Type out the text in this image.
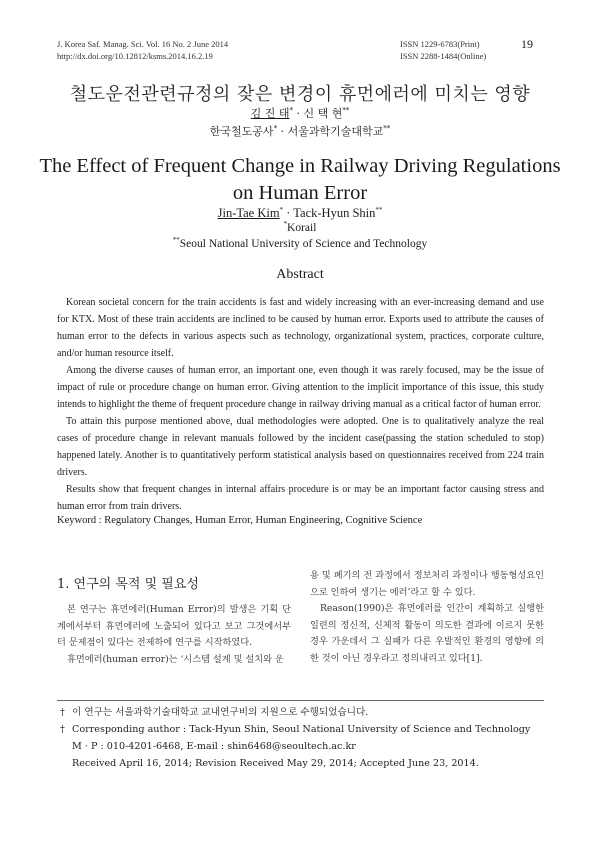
J. Korea Saf. Manag. Sci. Vol. 16 No. 2 June 2014
http://dx.doi.org/10.12812/ksms.2014.16.2.19
ISSN 1229-6783(Print)
ISSN 2288-1484(Online)
19
철도운전관련규정의 잦은 변경이 휴먼에러에 미치는 영향
김 진 태* · 신 택 현**
한국철도공사* · 서울과학기술대학교**
The Effect of Frequent Change in Railway Driving Regulations
on Human Error
Jin-Tae Kim* · Tack-Hyun Shin**
*Korail
**Seoul National University of Science and Technology
Abstract

Korean societal concern for the train accidents is fast and widely increasing with an ever-increasing demand and use for KTX. Most of these train accidents are inclined to be caused by human error. Exports used to attribute the causes of human error to the defects in various aspects such as technology, organizational system, practices, corporate culture, and/or human resource itself.

Among the diverse causes of human error, an important one, even though it was rarely focused, may be the issue of impact of rule or procedure change on human error. Giving attention to the implicit importance of this issue, this study intends to highlight the theme of frequent procedure change in railway driving manual as a critical factor of human error.

To attain this purpose mentioned above, dual methodologies were adopted. One is to qualitatively analyze the real cases of procedure change in relevant manuals followed by the incident case(passing the station scheduled to stop) happened lately. Another is to quantitatively perform statistical analysis based on questionnaires received from 224 train drivers.

Results show that frequent changes in internal affairs procedure is or may be an important factor causing stress and human error from train drivers.

Keyword : Regulatory Changes, Human Error, Human Engineering, Cognitive Science
1. 연구의 목적 및 필요성

본 연구는 휴먼에러(Human Error)의 발생은 기획 단계에서부터 휴먼에러에 노출되어 있다고 보고 그것에서부터 문제점이 있다는 전제하에 연구를 시작하였다.

휴먼에러(human error)는 ‘시스템 설계 및 설치와 운

용 및 폐기의 전 과정에서 정보처리 과정이나 행동형성요인으로 인하여 생기는 에러’라고 할 수 있다.

Reason(1990)은 휴먼에러를 인간이 계획하고 실행한 일련의 정신적, 신체적 활동이 의도한 결과에 이르지 못한 경우 가운데서 그 실패가 다른 우발적인 환경의 영향에 의한 것이 아닌 경우라고 정의내리고 있다[1].

† 이 연구는 서울과학기술대학교 교내연구비의 지원으로 수행되었습니다.
† Corresponding author : Tack-Hyun Shin, Seoul National University of Science and Technology
M · P : 010-4201-6468, E-mail : shin6468@seoultech.ac.kr
Received April 16, 2014; Revision Received May 29, 2014; Accepted June 23, 2014.
